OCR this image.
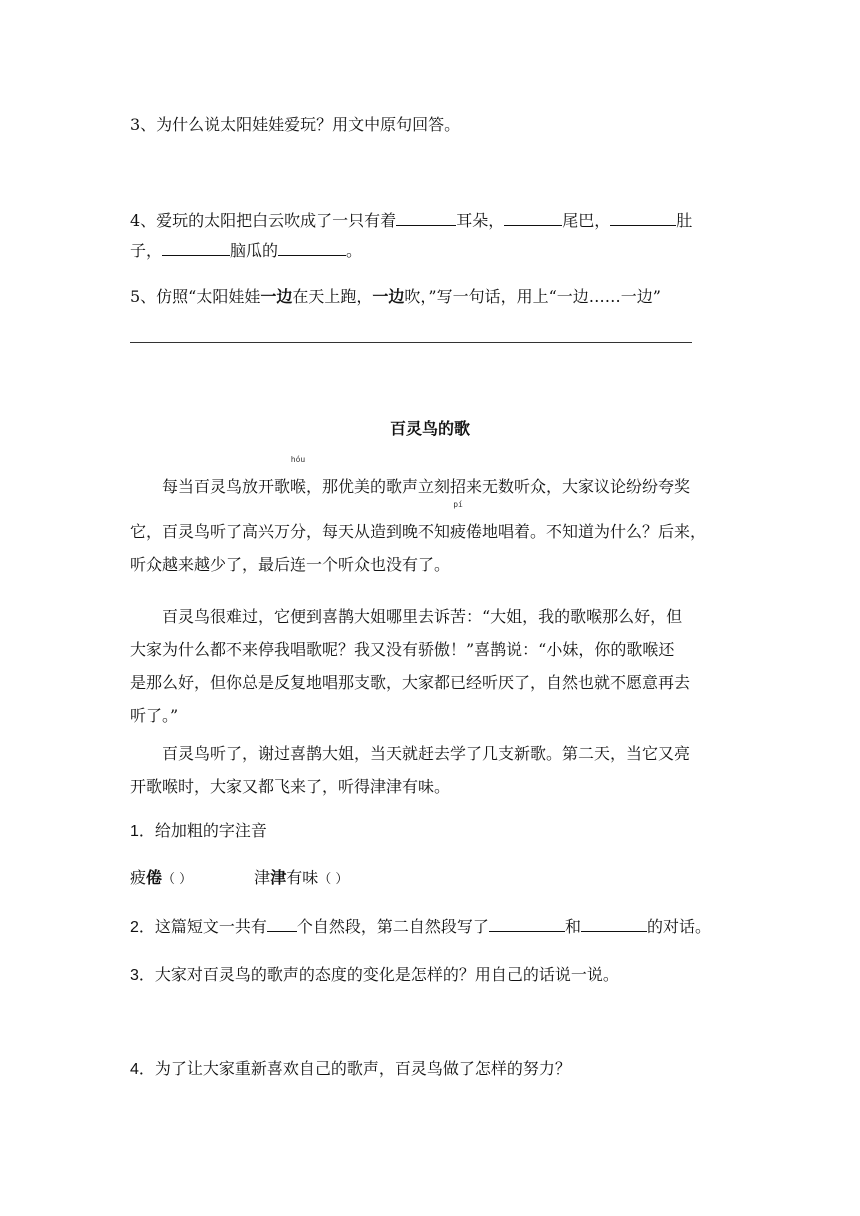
3、为什么说太阳娃娃爱玩？用文中原句回答。
4、爱玩的太阳把白云吹成了一只有着	耳朵，	尾巴，	肚
子，	脑瓜的	。
5、仿照“太阳娃娃一边在天上跑，一边吹，”写一句话，用上“一边……一边”
百灵鸟的歌
每当百灵鸟放开歌
hóu
喉，那优美的歌声立刻招来无数听众，大家议论纷纷夸奖
它，百灵鸟听了高兴万分，每天从造到晚不知
pí
疲倦地唱着。不知道为什么？后来，
听众越来越少了，最后连一个听众也没有了。
百灵鸟很难过，它便到喜鹊大姐哪里去诉苦：“大姐，我的歌喉那么好，但
大家为什么都不来停我唱歌呢？我又没有骄傲！”喜鹊说：“小妹，你的歌喉还
是那么好，但你总是反复地唱那支歌，大家都已经听厌了，自然也就不愿意再去
听了。”
百灵鸟听了，谢过喜鹊大姐，当天就赶去学了几支新歌。第二天，当它又亮
开歌喉时，大家又都飞来了，听得津津有味。
1．给加粗的字注音
疲倦（ ）	津津有味（ ）
2．这篇短文一共有 个自然段，第二自然段写了	和	的对话。
3．大家对百灵鸟的歌声的态度的变化是怎样的？用自己的话说一说。
4．为了让大家重新喜欢自己的歌声，百灵鸟做了怎样的努力？
